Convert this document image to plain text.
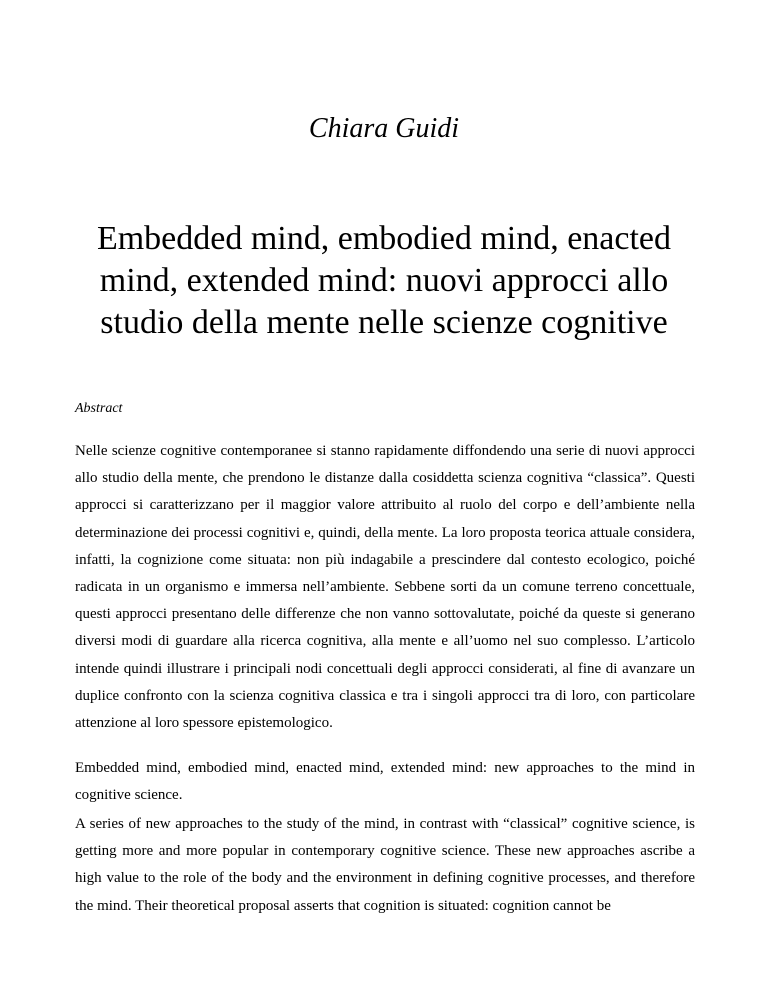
Chiara Guidi
Embedded mind, embodied mind, enacted mind, extended mind: nuovi approcci allo studio della mente nelle scienze cognitive
Abstract
Nelle scienze cognitive contemporanee si stanno rapidamente diffondendo una serie di nuovi approcci allo studio della mente, che prendono le distanze dalla cosiddetta scienza cognitiva “classica”. Questi approcci si caratterizzano per il maggior valore attribuito al ruolo del corpo e dell’ambiente nella determinazione dei processi cognitivi e, quindi, della mente. La loro proposta teorica attuale considera, infatti, la cognizione come situata: non più indagabile a prescindere dal contesto ecologico, poiché radicata in un organismo e immersa nell’ambiente. Sebbene sorti da un comune terreno concettuale, questi approcci presentano delle differenze che non vanno sottovalutate, poiché da queste si generano diversi modi di guardare alla ricerca cognitiva, alla mente e all’uomo nel suo complesso. L’articolo intende quindi illustrare i principali nodi concettuali degli approcci considerati, al fine di avanzare un duplice confronto con la scienza cognitiva classica e tra i singoli approcci tra di loro, con particolare attenzione al loro spessore epistemologico.
Embedded mind, embodied mind, enacted mind, extended mind: new approaches to the mind in cognitive science.
A series of new approaches to the study of the mind, in contrast with “classical” cognitive science, is getting more and more popular in contemporary cognitive science. These new approaches ascribe a high value to the role of the body and the environment in defining cognitive processes, and therefore the mind. Their theoretical proposal asserts that cognition is situated: cognition cannot be
